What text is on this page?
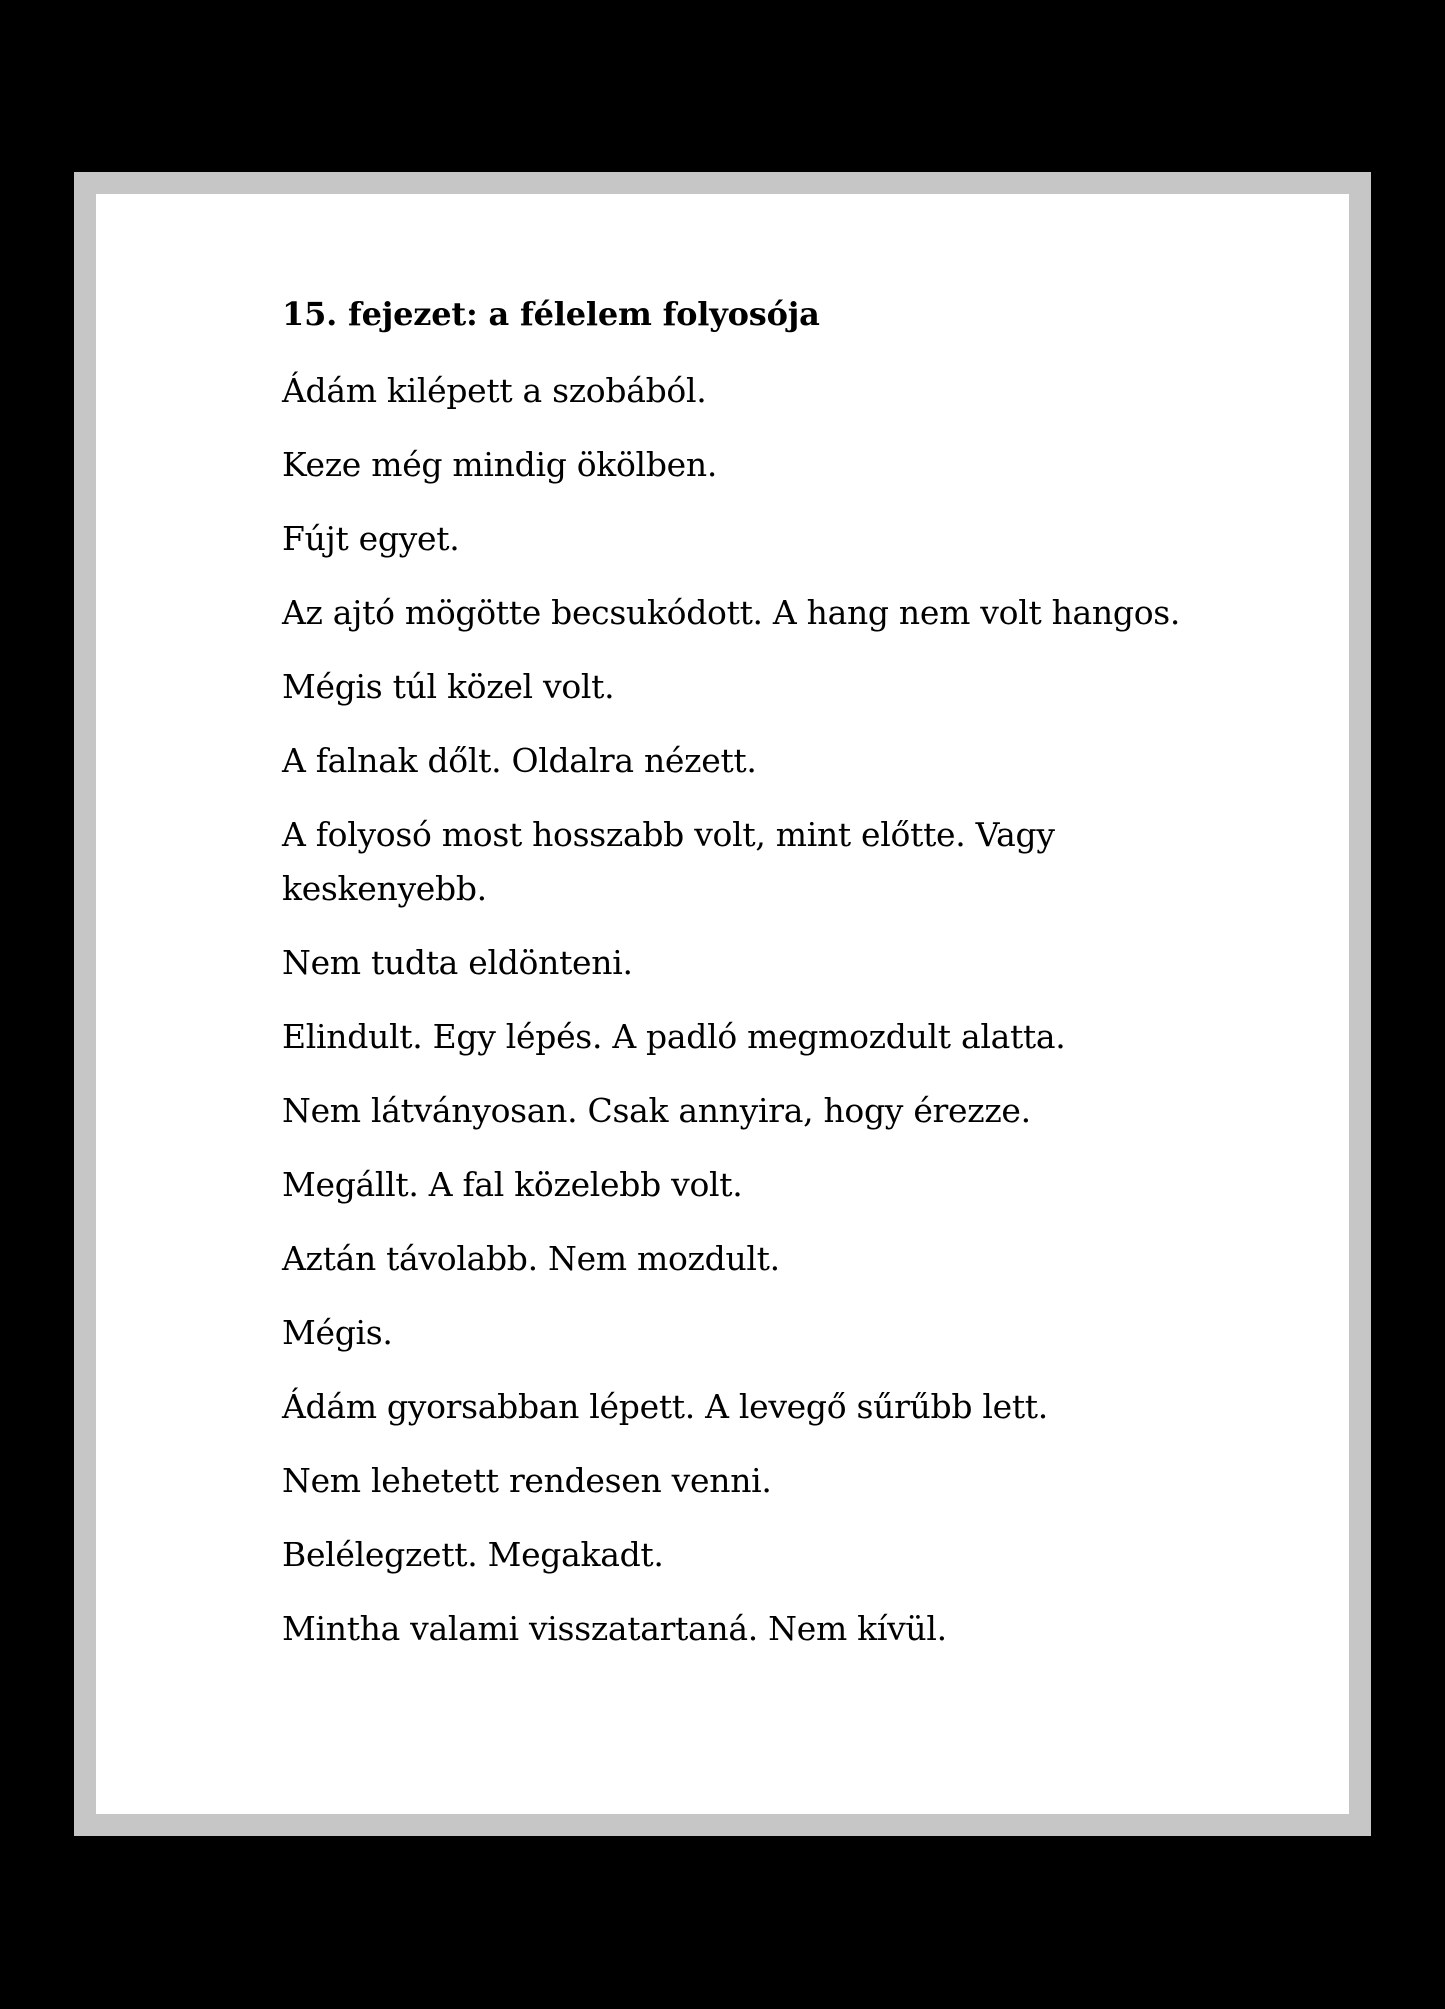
15. fejezet: a félelem folyosója

Ádám kilépett a szobából.

Keze még mindig ökölben.

Fújt egyet.

Az ajtó mögötte becsukódott. A hang nem volt hangos.

Mégis túl közel volt.

A falnak dőlt. Oldalra nézett.

A folyosó most hosszabb volt, mint előtte. Vagy keskenyebb.

Nem tudta eldönteni.

Elindult. Egy lépés. A padló megmozdult alatta.

Nem látványosan. Csak annyira, hogy érezze.

Megállt. A fal közelebb volt.

Aztán távolabb. Nem mozdult.

Mégis.

Ádám gyorsabban lépett. A levegő sűrűbb lett.

Nem lehetett rendesen venni.

Belélegzett. Megakadt.

Mintha valami visszatartaná. Nem kívül.
